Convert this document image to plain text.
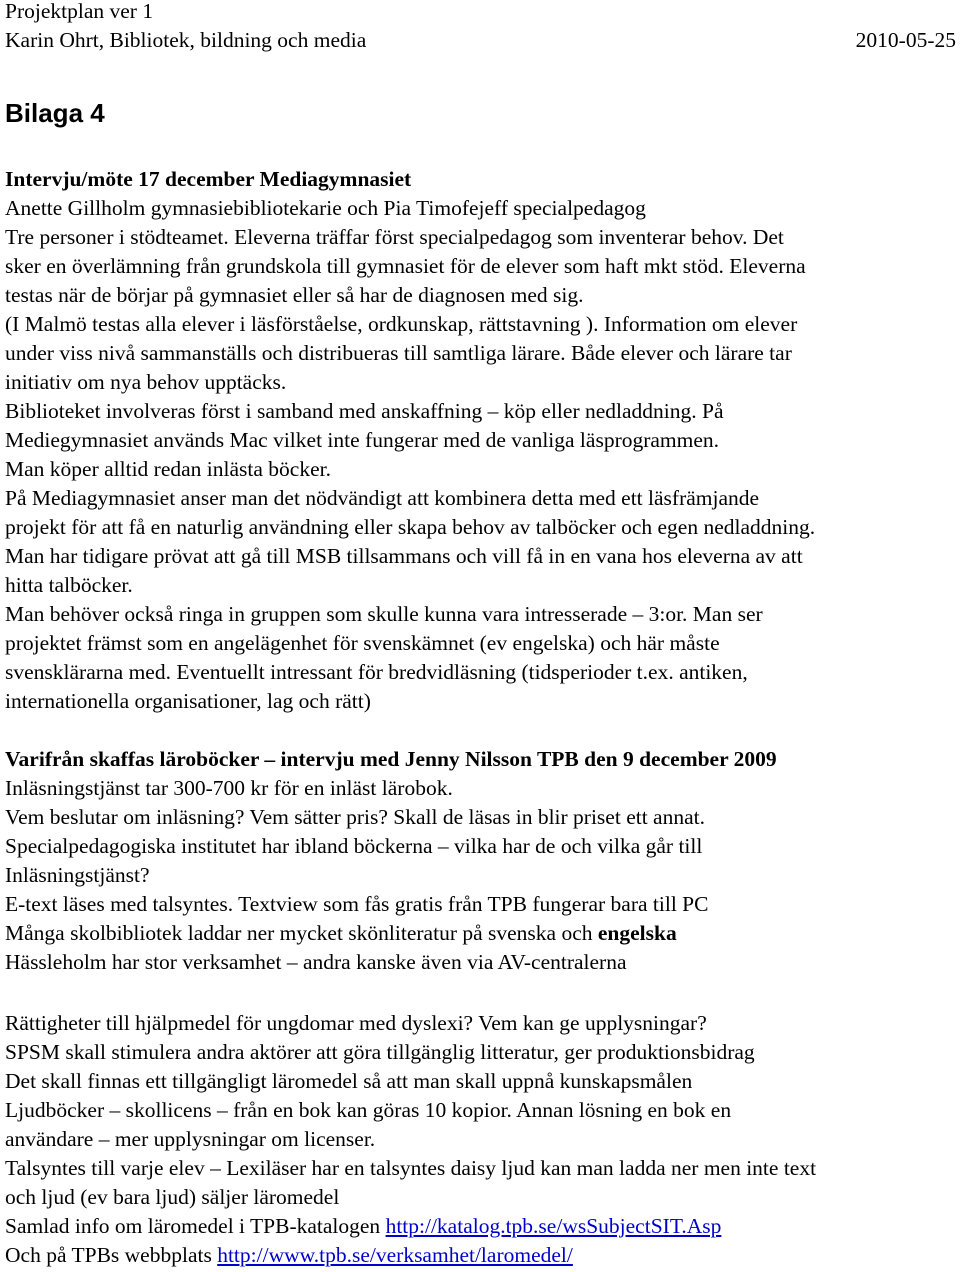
Projektplan ver 1
Karin Ohrt, Bibliotek, bildning och media	2010-05-25
Bilaga 4
Intervju/möte 17 december Mediagymnasiet
Anette Gillholm gymnasiebibliotekarie och Pia Timofejeff specialpedagog
Tre personer i stödteamet. Eleverna träffar först specialpedagog som inventerar behov. Det
sker en överlämning från grundskola till gymnasiet för de elever som haft mkt stöd. Eleverna
testas när de börjar på gymnasiet eller så har de diagnosen med sig.
(I Malmö testas alla elever i läsförståelse, ordkunskap, rättstavning ). Information om elever
under viss nivå sammanställs och distribueras till samtliga lärare. Både elever och lärare tar
initiativ om nya behov upptäcks.
Biblioteket involveras först i samband med anskaffning – köp eller nedladdning. På
Mediegymnasiet används Mac vilket inte fungerar med de vanliga läsprogrammen.
Man köper alltid redan inlästa böcker.
På Mediagymnasiet anser man det nödvändigt att kombinera detta med ett läsfrämjande
projekt för att få en naturlig användning eller skapa behov av talböcker och egen nedladdning.
Man har tidigare prövat att gå till MSB tillsammans och vill få in en vana hos eleverna av att
hitta talböcker.
Man behöver också ringa in gruppen som skulle kunna vara intresserade – 3:or. Man ser
projektet främst som en angelägenhet för svenskämnet (ev engelska) och här måste
svensklärarna med. Eventuellt intressant för bredvidläsning (tidsperioder t.ex. antiken,
internationella organisationer, lag och rätt)
Varifrån skaffas läroböcker – intervju med Jenny Nilsson TPB den 9 december 2009
Inläsningstjänst tar 300-700 kr för en inläst lärobok.
Vem beslutar om inläsning? Vem sätter pris? Skall de läsas in blir priset ett annat.
Specialpedagogiska institutet har ibland böckerna – vilka har de och vilka går till
Inläsningstjänst?
E-text läses med talsyntes. Textview som fås gratis från TPB fungerar bara till PC
Många skolbibliotek laddar ner mycket skönliteratur på svenska och engelska
Hässleholm har stor verksamhet – andra kanske även via AV-centralerna
Rättigheter till hjälpmedel för ungdomar med dyslexi? Vem kan ge upplysningar?
SPSM skall stimulera andra aktörer att göra tillgänglig litteratur, ger produktionsbidrag
Det skall finnas ett tillgängligt läromedel så att man skall uppnå kunskapsmålen
Ljudböcker – skollicens – från en bok kan göras 10 kopior. Annan lösning en bok en
användare – mer upplysningar om licenser.
Talsyntes till varje elev – Lexiläser har en talsyntes daisy ljud kan man ladda ner men inte text
och ljud (ev bara ljud) säljer läromedel
Samlad info om läromedel i TPB-katalogen http://katalog.tpb.se/wsSubjectSIT.Asp
Och på TPBs webbplats http://www.tpb.se/verksamhet/laromedel/
